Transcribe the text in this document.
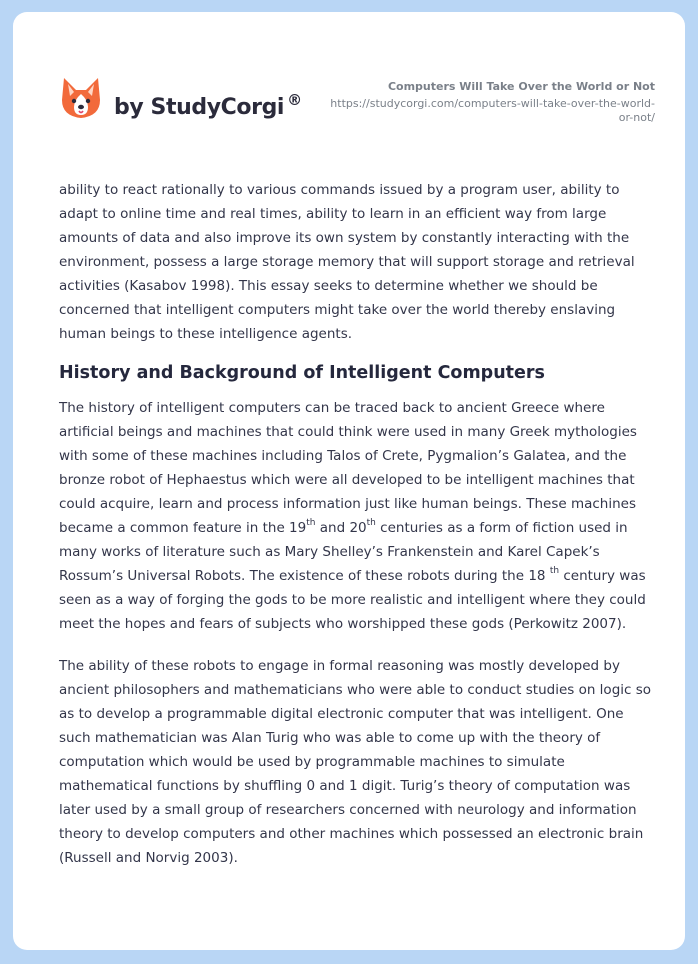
by StudyCorgi ®
Computers Will Take Over the World or Not
https://studycorgi.com/computers-will-take-over-the-world-
or-not/

ability to react rationally to various commands issued by a program user, ability to adapt to online time and real times, ability to learn in an efficient way from large amounts of data and also improve its own system by constantly interacting with the environment, possess a large storage memory that will support storage and retrieval activities (Kasabov 1998). This essay seeks to determine whether we should be concerned that intelligent computers might take over the world thereby enslaving human beings to these intelligence agents.

History and Background of Intelligent Computers

The history of intelligent computers can be traced back to ancient Greece where artificial beings and machines that could think were used in many Greek mythologies with some of these machines including Talos of Crete, Pygmalion’s Galatea, and the bronze robot of Hephaestus which were all developed to be intelligent machines that could acquire, learn and process information just like human beings. These machines became a common feature in the 19th and 20th centuries as a form of fiction used in many works of literature such as Mary Shelley’s Frankenstein and Karel Capek’s Rossum’s Universal Robots. The existence of these robots during the 18 $^{th}$ century was seen as a way of forging the gods to be more realistic and intelligent where they could meet the hopes and fears of subjects who worshipped these gods (Perkowitz 2007).

The ability of these robots to engage in formal reasoning was mostly developed by ancient philosophers and mathematicians who were able to conduct studies on logic so as to develop a programmable digital electronic computer that was intelligent. One such mathematician was Alan Turig who was able to come up with the theory of computation which would be used by programmable machines to simulate mathematical functions by shuffling 0 and 1 digit. Turig’s theory of computation was later used by a small group of researchers concerned with neurology and information theory to develop computers and other machines which possessed an electronic brain (Russell and Norvig 2003).
